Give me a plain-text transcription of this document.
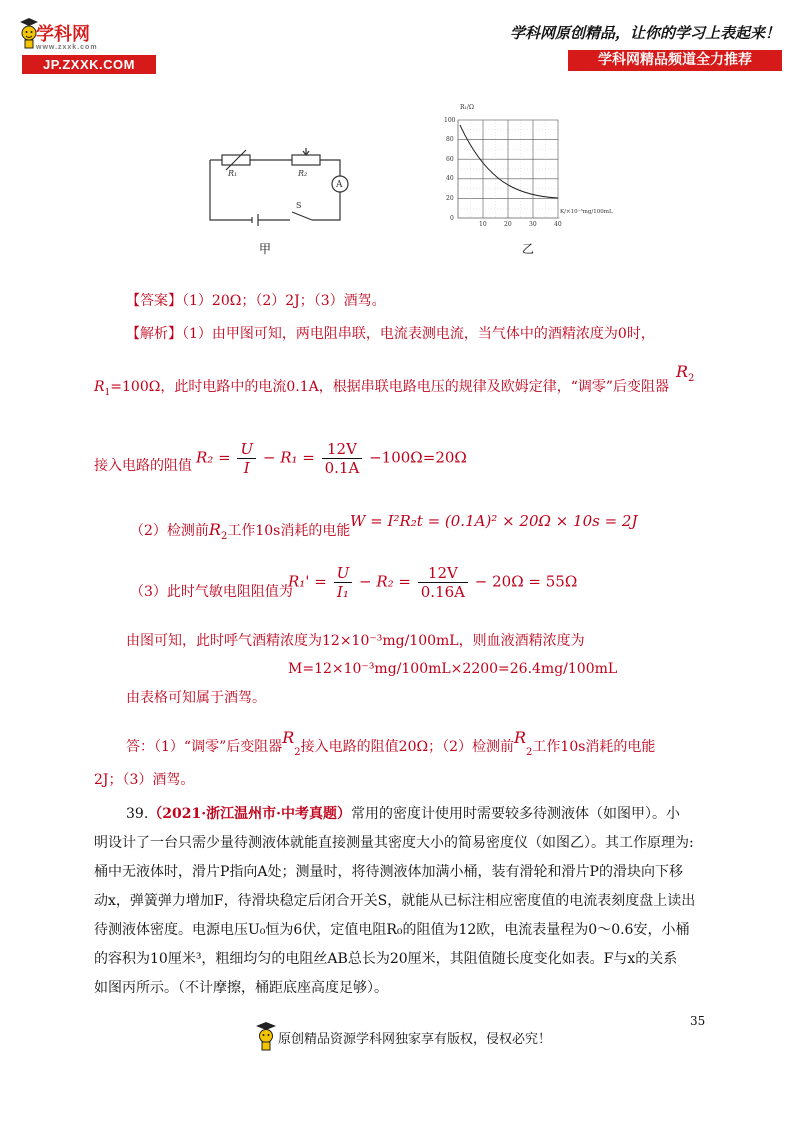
学科网
www.zxxk.com
JP.ZXXK.COM
学科网原创精品，让你的学习上表起来！
学科网精品频道全力推荐
R₁	R₂
A
S
甲
R₁/Ω
K/×10⁻³mg/100mL
100
80
60
40
20
0
10	20	30	40
乙
【答案】（1）20Ω；（2）2J；（3）酒驾。
【解析】（1）由甲图可知，两电阻串联，电流表测电流，当气体中的酒精浓度为0时，
$R_1=100\Omega$，此时电路中的电流0.1A，根据串联电路电压的规律及欧姆定律，“调零”后变阻器
$R_2$
接入电路的阻值 $R_2 = \frac{U}{I} - R_1 = \frac{12V}{0.1A} -100\Omega=20\Omega$
（2）检测前$R_2$工作10s消耗的电能
W = I²R₂t = (0.1A)² × 20Ω × 10s = 2J
（3）此时气敏电阻阻值为
$R_1' = \frac{U}{\text{I₁}} - R_2 = \frac{12V}{0.16A} - 20\Omega = 55\Omega$
由图可知，此时呼气酒精浓度为12×10⁻³mg/100mL，则血液酒精浓度为
M=12×10⁻³mg/100mL×2200=26.4mg/100mL
由表格可知属于酒驾。
答：（1）“调零”后变阻器$R_2$接入电路的阻值20Ω；（2）检测前$R_2$工作10s消耗的电能
2J；（3）酒驾。
39.（2021·浙江温州市·中考真题）常用的密度计使用时需要较多待测液体（如图甲）。小
明设计了一台只需少量待测液体就能直接测量其密度大小的简易密度仪（如图乙）。其工作原理为:
桶中无液体时，滑片P指向A处；测量时，将待测液体加满小桶，装有滑轮和滑片P的滑块向下移
动x，弹簧弹力增加F，待滑块稳定后闭合开关S，就能从已标注相应密度值的电流表刻度盘上读出
待测液体密度。电源电压U₀恒为6伏，定值电阻R₀的阻值为12欧，电流表量程为0～0.6安，小桶
的容积为10厘米³，粗细均匀的电阻丝AB总长为20厘米，其阻值随长度变化如表。F与x的关系
如图丙所示。（不计摩擦，桶距底座高度足够）。
35
原创精品资源学科网独家享有版权，侵权必究！
